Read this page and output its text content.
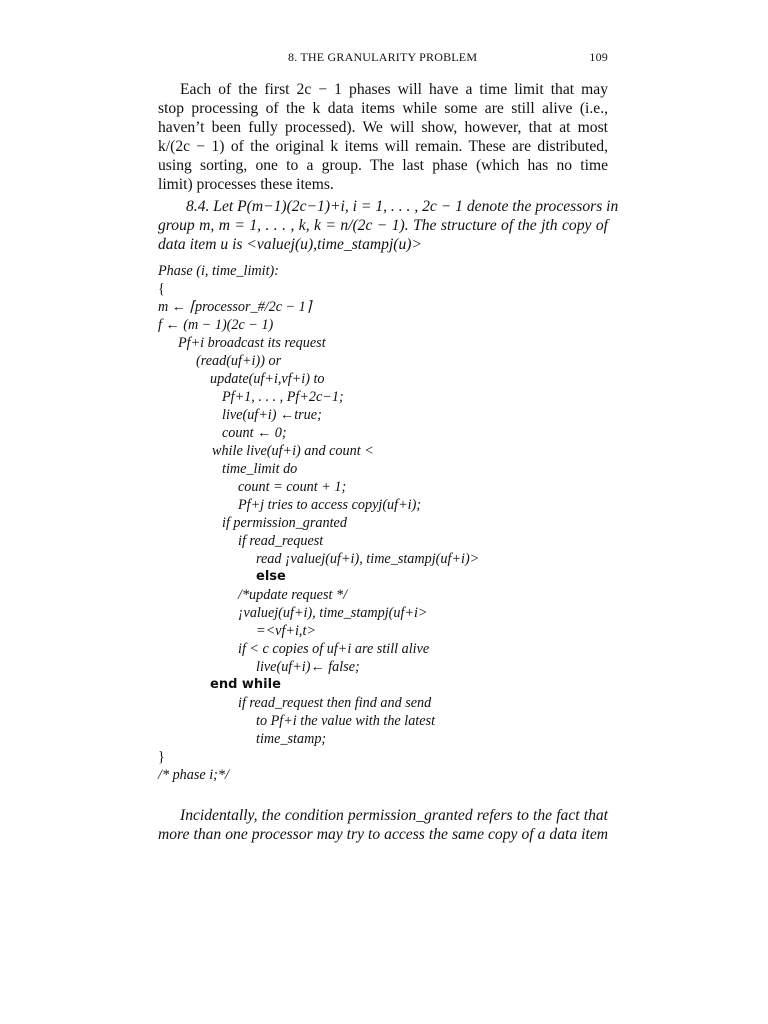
8. THE GRANULARITY PROBLEM	109
Each of the first 2c − 1 phases will have a time limit that may
stop processing of the k data items while some are still alive (i.e.,
haven’t been fully processed). We will show, however, that at most
k/(2c − 1) of the original k items will remain. These are distributed,
using sorting, one to a group. The last phase (which has no time
limit) processes these items.
8.4. Let P(m−1)(2c−1)+i, i = 1, . . . , 2c − 1 denote the processors in
group m, m = 1, . . . , k, k = n/(2c − 1). The structure of the jth copy of
data item u is <valuej(u),time_stampj(u)>
Phase (i, time_limit):
{
m ← ⌈processor_#/2c − 1⌉
f ← (m − 1)(2c − 1)
Pf+i broadcast its request
(read(uf+i)) or
update(uf+i,vf+i) to
Pf+1, . . . , Pf+2c−1;
live(uf+i) ←true;
count ← 0;
while live(uf+i) and count <
time_limit do
count = count + 1;
Pf+j tries to access copyj(uf+i);
if permission_granted
if read_request
read ¡valuej(uf+i), time_stampj(uf+i)>
else
/*update request */
¡valuej(uf+i), time_stampj(uf+i>
=<vf+i,t>
if < c copies of uf+i are still alive
live(uf+i)← false;
end while
if read_request then find and send
to Pf+i the value with the latest
time_stamp;
}
/* phase i;*/
Incidentally, the condition permission_granted refers to the fact that
more than one processor may try to access the same copy of a data item
